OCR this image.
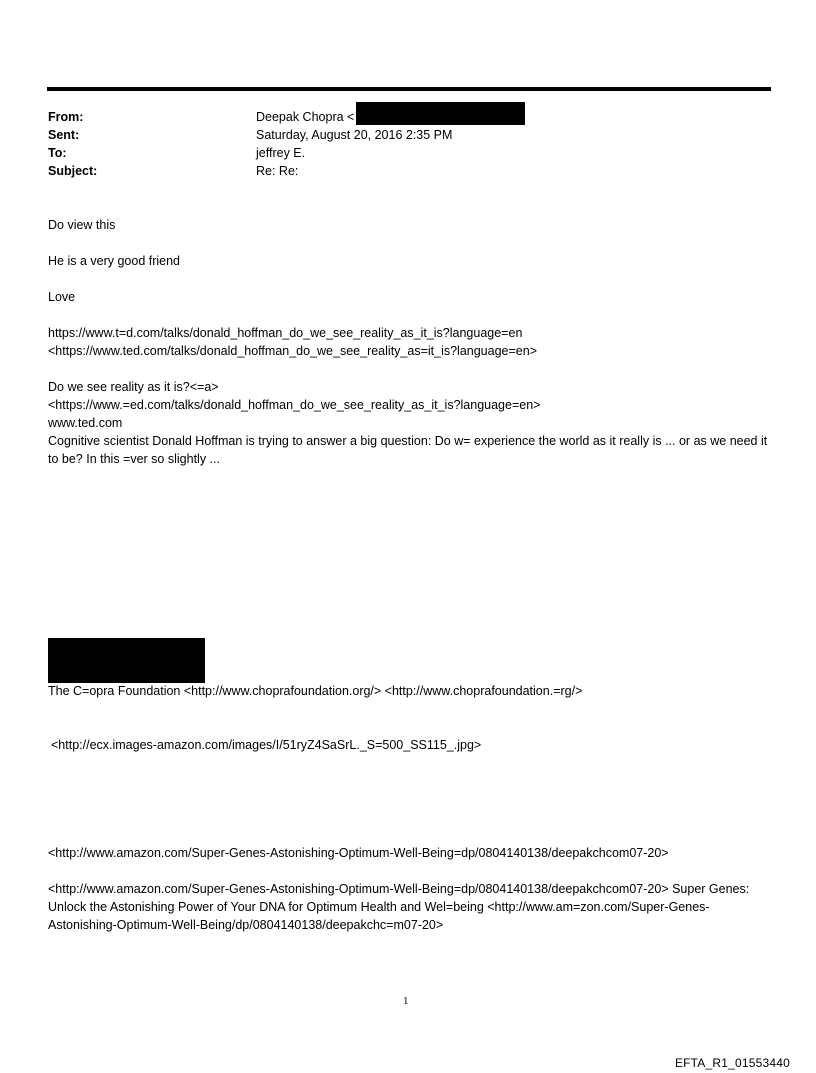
From:	Deepak Chopra <
Sent:	Saturday, August 20, 2016 2:35 PM
To:	jeffrey E.
Subject:	Re: Re:
Do view this
He is a very good friend
Love
https://www.t=d.com/talks/donald_hoffman_do_we_see_reality_as_it_is?language=en
<https://www.ted.com/talks/donald_hoffman_do_we_see_reality_as=it_is?language=en>
Do we see reality as it is?<=a>
<https://www.=ed.com/talks/donald_hoffman_do_we_see_reality_as_it_is?language=en>
www.ted.com
Cognitive scientist Donald Hoffman is trying to answer a big question: Do w= experience the world as it really is ... or as we need it to be? In this =ver so slightly ...
The C=opra Foundation <http://www.choprafoundation.org/> <http://www.choprafoundation.=rg/>
<http://ecx.images-amazon.com/images/I/51ryZ4SaSrL._S=500_SS115_.jpg>
<http://www.amazon.com/Super-Genes-Astonishing-Optimum-Well-Being=dp/0804140138/deepakchcom07-20>
<http://www.amazon.com/Super-Genes-Astonishing-Optimum-Well-Being=dp/0804140138/deepakchcom07-20> Super Genes: Unlock the Astonishing Power of Your DNA for Optimum Health and Wel=being <http://www.am=zon.com/Super-Genes-Astonishing-Optimum-Well-Being/dp/0804140138/deepakchc=m07-20>
1
EFTA_R1_01553440
